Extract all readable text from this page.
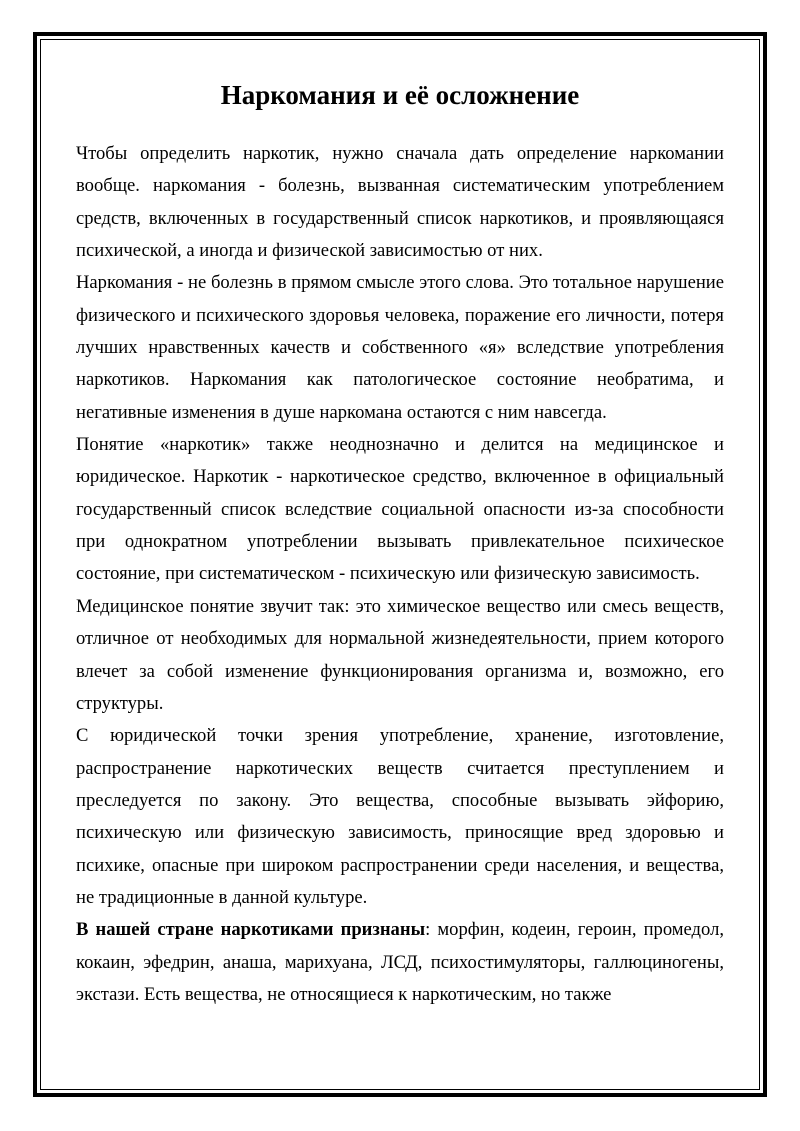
Наркомания и её осложнение

Чтобы определить наркотик, нужно сначала дать определение наркомании вообще. наркомания - болезнь, вызванная систематическим употреблением средств, включенных в государственный список наркотиков, и проявляющаяся психической, а иногда и физической зависимостью от них.

Наркомания - не болезнь в прямом смысле этого слова. Это тотальное нарушение физического и психического здоровья человека, поражение его личности, потеря лучших нравственных качеств и собственного «я» вследствие употребления наркотиков. Наркомания как патологическое состояние необратима, и негативные изменения в душе наркомана остаются с ним навсегда.

Понятие «наркотик» также неоднозначно и делится на медицинское и юридическое. Наркотик - наркотическое средство, включенное в официальный государственный список вследствие социальной опасности из-за способности при однократном употреблении вызывать привлекательное психическое состояние, при систематическом - психическую или физическую зависимость.

Медицинское понятие звучит так: это химическое вещество или смесь веществ, отличное от необходимых для нормальной жизнедеятельности, прием которого влечет за собой изменение функционирования организма и, возможно, его структуры.

С юридической точки зрения употребление, хранение, изготовление, распространение наркотических веществ считается преступлением и преследуется по закону. Это вещества, способные вызывать эйфорию, психическую или физическую зависимость, приносящие вред здоровью и психике, опасные при широком распространении среди населения, и вещества, не традиционные в данной культуре.

В нашей стране наркотиками признаны: морфин, кодеин, героин, промедол, кокаин, эфедрин, анаша, марихуана, ЛСД, психостимуляторы, галлюциногены, экстази. Есть вещества, не относящиеся к наркотическим, но также
